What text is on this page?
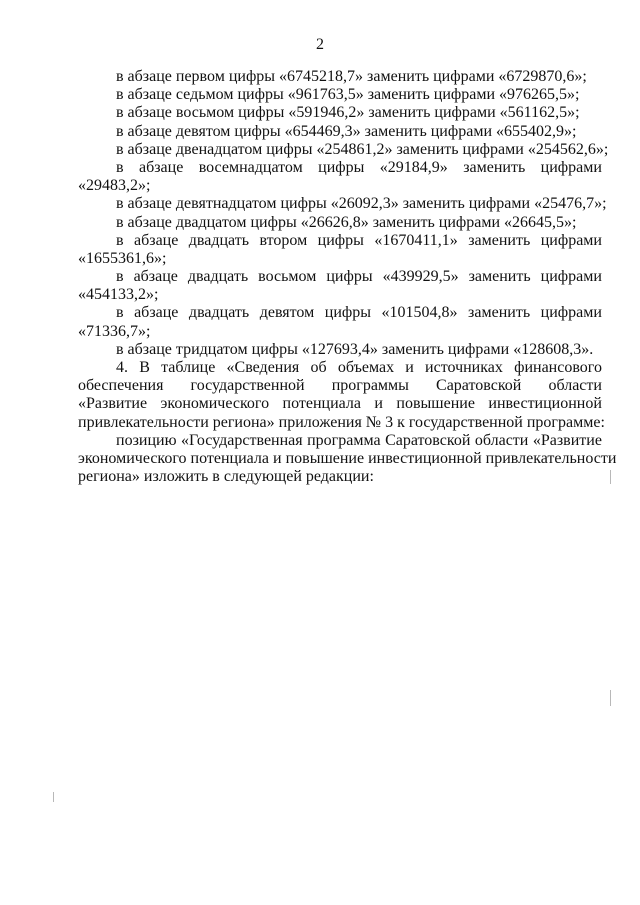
2
в абзаце первом цифры «6745218,7» заменить цифрами «6729870,6»;
в абзаце седьмом цифры «961763,5» заменить цифрами «976265,5»;
в абзаце восьмом цифры «591946,2» заменить цифрами «561162,5»;
в абзаце девятом цифры «654469,3» заменить цифрами «655402,9»;
в абзаце двенадцатом цифры «254861,2» заменить цифрами «254562,6»;
в абзаце восемнадцатом цифры «29184,9» заменить цифрами
«29483,2»;
в абзаце девятнадцатом цифры «26092,3» заменить цифрами «25476,7»;
в абзаце двадцатом цифры «26626,8» заменить цифрами «26645,5»;
в абзаце двадцать втором цифры «1670411,1» заменить цифрами
«1655361,6»;
в абзаце двадцать восьмом цифры «439929,5» заменить цифрами
«454133,2»;
в абзаце двадцать девятом цифры «101504,8» заменить цифрами
«71336,7»;
в абзаце тридцатом цифры «127693,4» заменить цифрами «128608,3».
4. В таблице «Сведения об объемах и источниках финансового
обеспечения государственной программы Саратовской области
«Развитие экономического потенциала и повышение инвестиционной
привлекательности региона» приложения № 3 к государственной программе:
позицию «Государственная программа Саратовской области «Развитие
экономического потенциала и повышение инвестиционной привлекательности
региона» изложить в следующей редакции:
